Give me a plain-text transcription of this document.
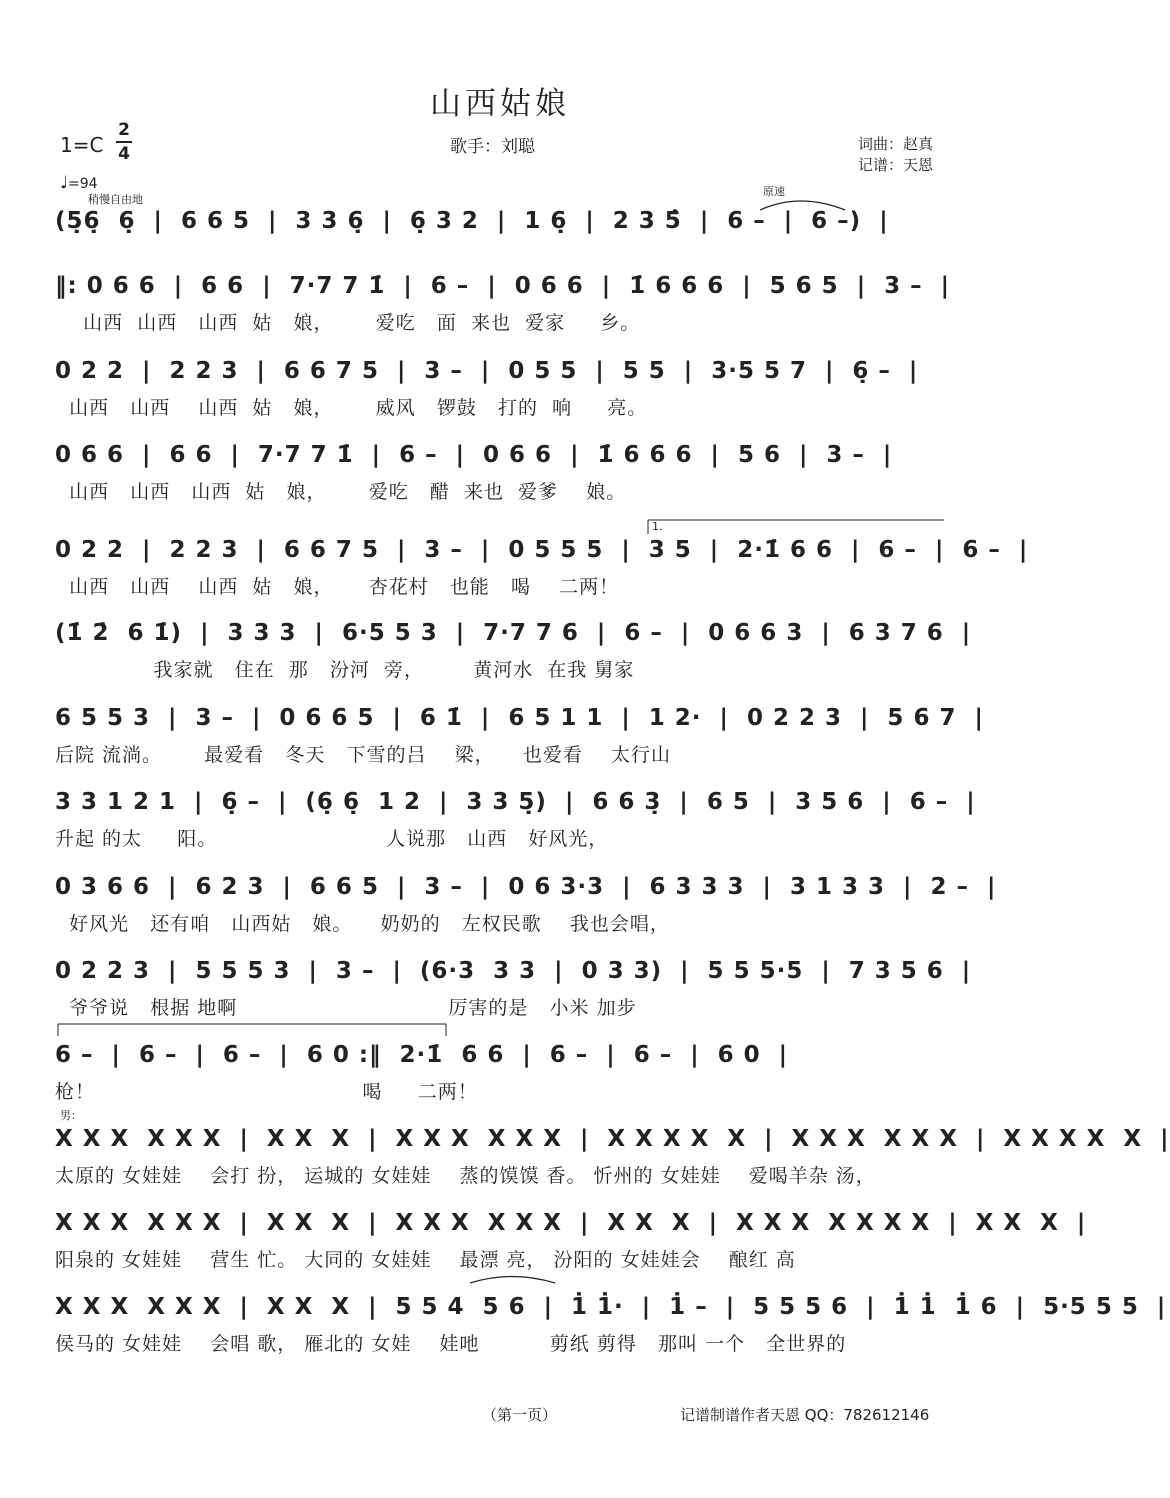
山西姑娘
1=C
2
4
♩=94
稍慢自由地
歌手：刘聪	词曲：赵真
记谱：天恩
原速
1.
男：
(5̣6̣  6̣  |  6 6 5  |  3 3 6̣  |  6̣ 3 2  |  1 6̣  |  2 3 5̂  |  6 –  |  6 –)  |
‖: 0 6 6  |  6 6  |  7·7 7 1̇  |  6 –  |  0 6 6  |  1̇ 6 6 6  |  5 6 5  |  3 –  |
山西  山西   山西  姑   娘，      爱吃   面  来也  爱家     乡。
0 2 2  |  2 2 3  |  6 6 7 5  |  3 –  |  0 5 5  |  5 5  |  3·5 5 7  |  6̣ –  |
山西   山西    山西  姑   娘，      威风   锣鼓   打的  响     亮。
0 6 6  |  6 6  |  7·7 7 1̇  |  6 –  |  0 6 6  |  1̇ 6 6 6  |  5 6  |  3 –  |
山西   山西   山西  姑   娘，      爱吃   醋  来也  爱爹    娘。
0 2 2  |  2 2 3  |  6 6 7 5  |  3 –  |  0 5 5 5  |  3 5  |  2·1̇ 6 6  |  6 –  |  6 –  |
山西   山西    山西  姑   娘，     杏花村   也能   喝    二两！
(1̇ 2̇  6 1̇)  |  3 3 3  |  6·5 5 3  |  7·7 7 6  |  6 –  |  0 6 6 3  |  6 3 7 6  |
我家就   住在  那   汾河  旁，       黄河水  在我 舅家
6 5 5 3  |  3 –  |  0 6 6 5  |  6 1̇  |  6 5 1 1  |  1 2·  |  0 2 2 3  |  5 6 7  |
后院 流淌。      最爱看   冬天   下雪的吕    梁，    也爱看    太行山
3 3 1 2 1  |  6̣ –  |  (6̣ 6̣  1 2  |  3 3 5̣)  |  6 6 3̣  |  6 5  |  3 5 6  |  6 –  |
升起 的太     阳。                        人说那   山西   好风光，
0 3 6 6  |  6 2 3  |  6 6 5  |  3 –  |  0 6 3·3  |  6 3 3 3  |  3 1 3 3  |  2 –  |
好风光   还有咱   山西姑   娘。    奶奶的   左权民歌    我也会唱，
0 2 2 3  |  5 5 5 3  |  3 –  |  (6·3  3 3  |  0 3 3)  |  5 5 5·5  |  7 3 5 6  |
爷爷说   根据 地啊                              厉害的是   小米 加步
6 –  |  6 –  |  6 –  |  6 0 :‖  2·1̇  6 6  |  6 –  |  6 –  |  6 0  |
枪！                                      喝     二两！
X X X  X X X  |  X X  X  |  X X X  X X X  |  X X X X  X  |  X X X  X X X  |  X X X X  X  |
太原的 女娃娃    会打 扮， 运城的 女娃娃    蒸的馍馍 香。 忻州的 女娃娃    爱喝羊杂 汤，
X X X  X X X  |  X X  X  |  X X X  X X X  |  X X  X  |  X X X  X X X X  |  X X  X  |
阳泉的 女娃娃    营生 忙。 大同的 女娃娃    最漂 亮， 汾阳的 女娃娃会    酿红 高
X X X  X X X  |  X X  X  |  5 5 4  5 6  |  1̇ 1̇·  |  1̇ –  |  5 5 5 6  |  1̇ 1̇  1̇ 6  |  5·5 5 5  |
侯马的 女娃娃    会唱 歌， 雁北的 女娃    娃吔          剪纸 剪得   那叫 一个   全世界的
（第一页）	记谱制谱作者天恩 QQ：782612146
